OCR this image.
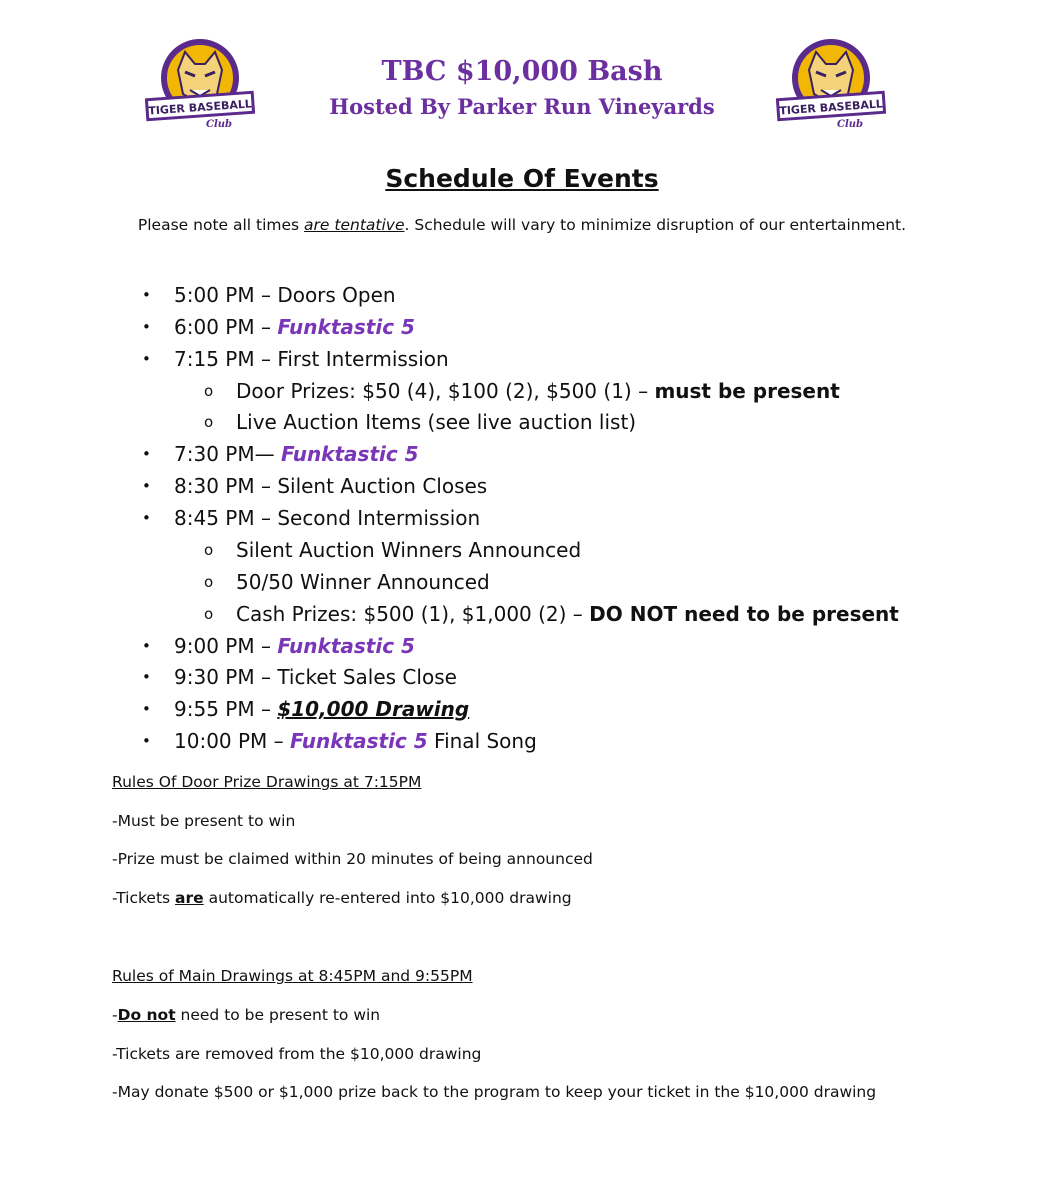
TIGER BASEBALL
Club
TIGER BASEBALL
Club
TBC $10,000 Bash
Hosted By Parker Run Vineyards
Schedule Of Events
Please note all times are tentative. Schedule will vary to minimize disruption of our entertainment.
• 5:00 PM – Doors Open
• 6:00 PM – Funktastic 5
• 7:15 PM – First Intermission
o Door Prizes: $50 (4), $100 (2), $500 (1) – must be present
o Live Auction Items (see live auction list)
• 7:30 PM— Funktastic 5
• 8:30 PM – Silent Auction Closes
• 8:45 PM – Second Intermission
o Silent Auction Winners Announced
o 50/50 Winner Announced
o Cash Prizes: $500 (1), $1,000 (2) – DO NOT need to be present
• 9:00 PM – Funktastic 5
• 9:30 PM – Ticket Sales Close
• 9:55 PM – $10,000 Drawing
• 10:00 PM – Funktastic 5 Final Song
Rules Of Door Prize Drawings at 7:15PM
-Must be present to win
-Prize must be claimed within 20 minutes of being announced
-Tickets are automatically re-entered into $10,000 drawing
Rules of Main Drawings at 8:45PM and 9:55PM
-Do not need to be present to win
-Tickets are removed from the $10,000 drawing
-May donate $500 or $1,000 prize back to the program to keep your ticket in the $10,000 drawing
